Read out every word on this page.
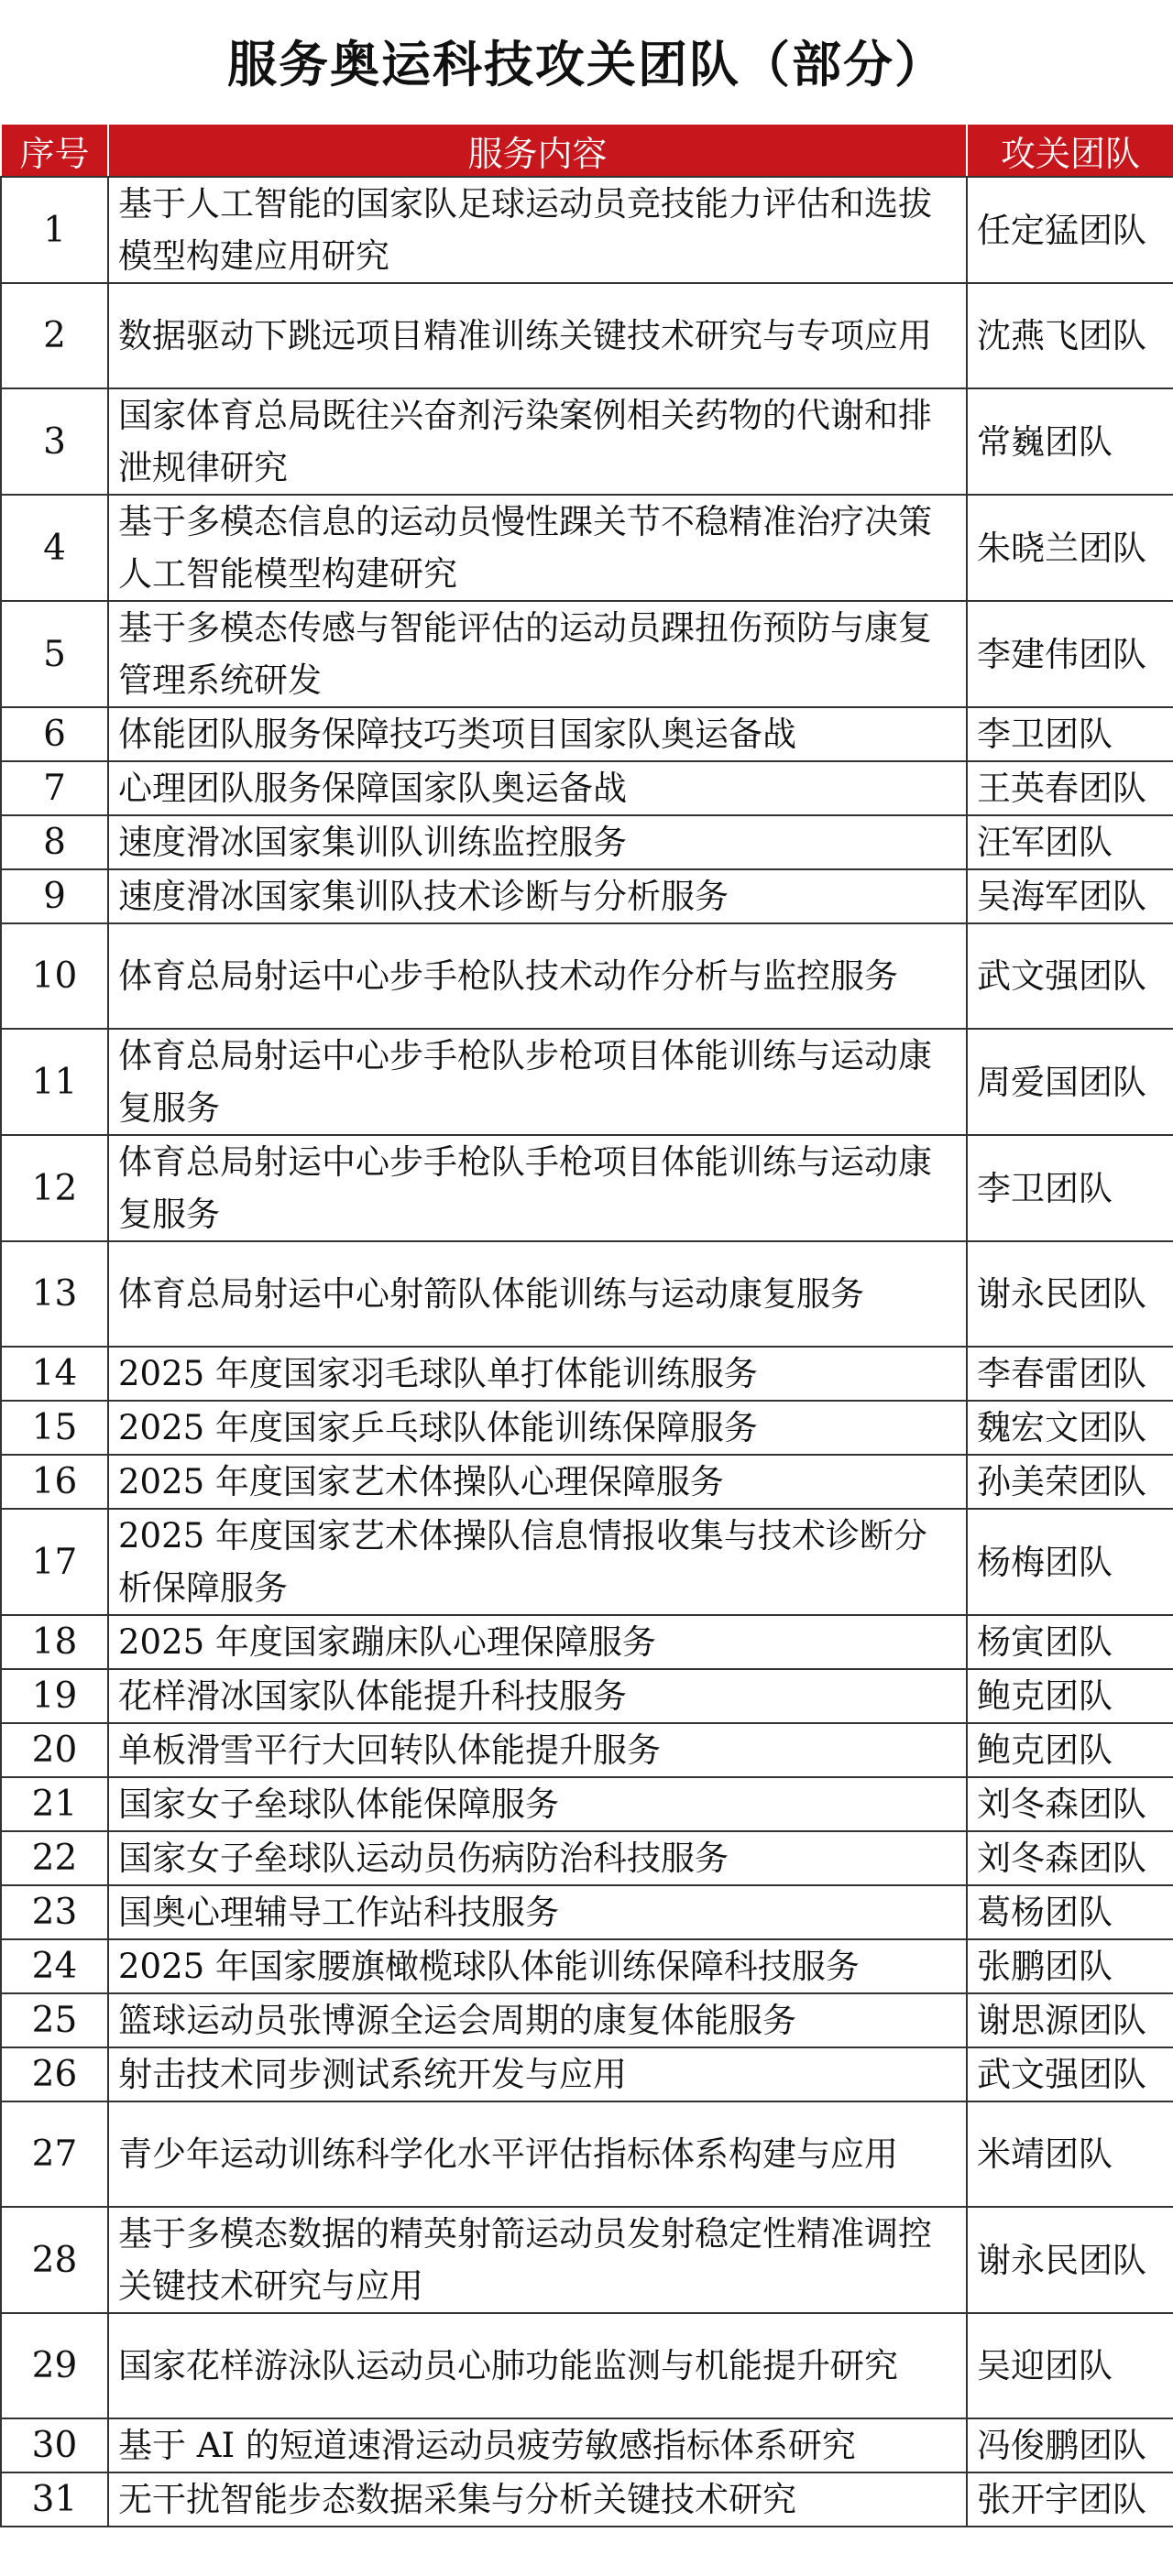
服务奥运科技攻关团队（部分）
序号	服务内容	攻关团队
1	基于人工智能的国家队足球运动员竞技能力评估和选拔模型构建应用研究	任定猛团队
2	数据驱动下跳远项目精准训练关键技术研究与专项应用	沈燕飞团队
3	国家体育总局既往兴奋剂污染案例相关药物的代谢和排泄规律研究	常巍团队
4	基于多模态信息的运动员慢性踝关节不稳精准治疗决策人工智能模型构建研究	朱晓兰团队
5	基于多模态传感与智能评估的运动员踝扭伤预防与康复管理系统研发	李建伟团队
6	体能团队服务保障技巧类项目国家队奥运备战	李卫团队
7	心理团队服务保障国家队奥运备战	王英春团队
8	速度滑冰国家集训队训练监控服务	汪军团队
9	速度滑冰国家集训队技术诊断与分析服务	吴海军团队
10	体育总局射运中心步手枪队技术动作分析与监控服务	武文强团队
11	体育总局射运中心步手枪队步枪项目体能训练与运动康复服务	周爱国团队
12	体育总局射运中心步手枪队手枪项目体能训练与运动康复服务	李卫团队
13	体育总局射运中心射箭队体能训练与运动康复服务	谢永民团队
14	2025 年度国家羽毛球队单打体能训练服务	李春雷团队
15	2025 年度国家乒乓球队体能训练保障服务	魏宏文团队
16	2025 年度国家艺术体操队心理保障服务	孙美荣团队
17	2025 年度国家艺术体操队信息情报收集与技术诊断分析保障服务	杨梅团队
18	2025 年度国家蹦床队心理保障服务	杨寅团队
19	花样滑冰国家队体能提升科技服务	鲍克团队
20	单板滑雪平行大回转队体能提升服务	鲍克团队
21	国家女子垒球队体能保障服务	刘冬森团队
22	国家女子垒球队运动员伤病防治科技服务	刘冬森团队
23	国奥心理辅导工作站科技服务	葛杨团队
24	2025 年国家腰旗橄榄球队体能训练保障科技服务	张鹏团队
25	篮球运动员张博源全运会周期的康复体能服务	谢思源团队
26	射击技术同步测试系统开发与应用	武文强团队
27	青少年运动训练科学化水平评估指标体系构建与应用	米靖团队
28	基于多模态数据的精英射箭运动员发射稳定性精准调控关键技术研究与应用	谢永民团队
29	国家花样游泳队运动员心肺功能监测与机能提升研究	吴迎团队
30	基于 AI 的短道速滑运动员疲劳敏感指标体系研究	冯俊鹏团队
31	无干扰智能步态数据采集与分析关键技术研究	张开宇团队
